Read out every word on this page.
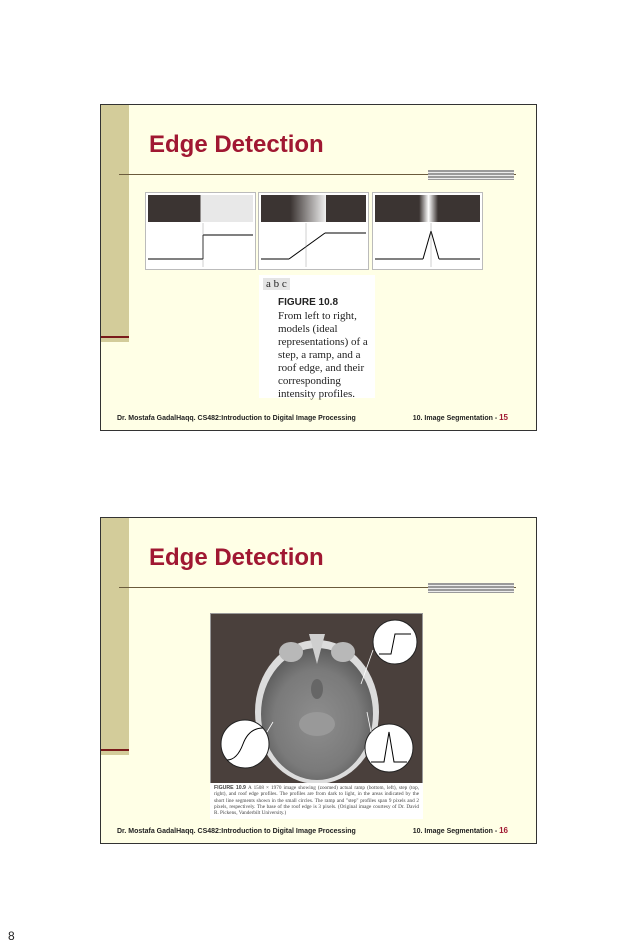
Edge Detection
a b c
FIGURE 10.8
From left to right, models (ideal representations) of a step, a ramp, and a roof edge, and their corresponding intensity profiles.
Dr. Mostafa GadalHaqq. CS482:Introduction to Digital Image Processing	10. Image Segmentation - 15
Edge Detection
FIGURE 10.9 A 1508 × 1970 image showing (zoomed) actual ramp (bottom, left), step (top, right), and roof edge profiles. The profiles are from dark to light, in the areas indicated by the short line segments shown in the small circles. The ramp and "step" profiles span 9 pixels and 2 pixels, respectively. The base of the roof edge is 3 pixels. (Original image courtesy of Dr. David R. Pickens, Vanderbilt University.)
Dr. Mostafa GadalHaqq. CS482:Introduction to Digital Image Processing	10. Image Segmentation - 16
8
